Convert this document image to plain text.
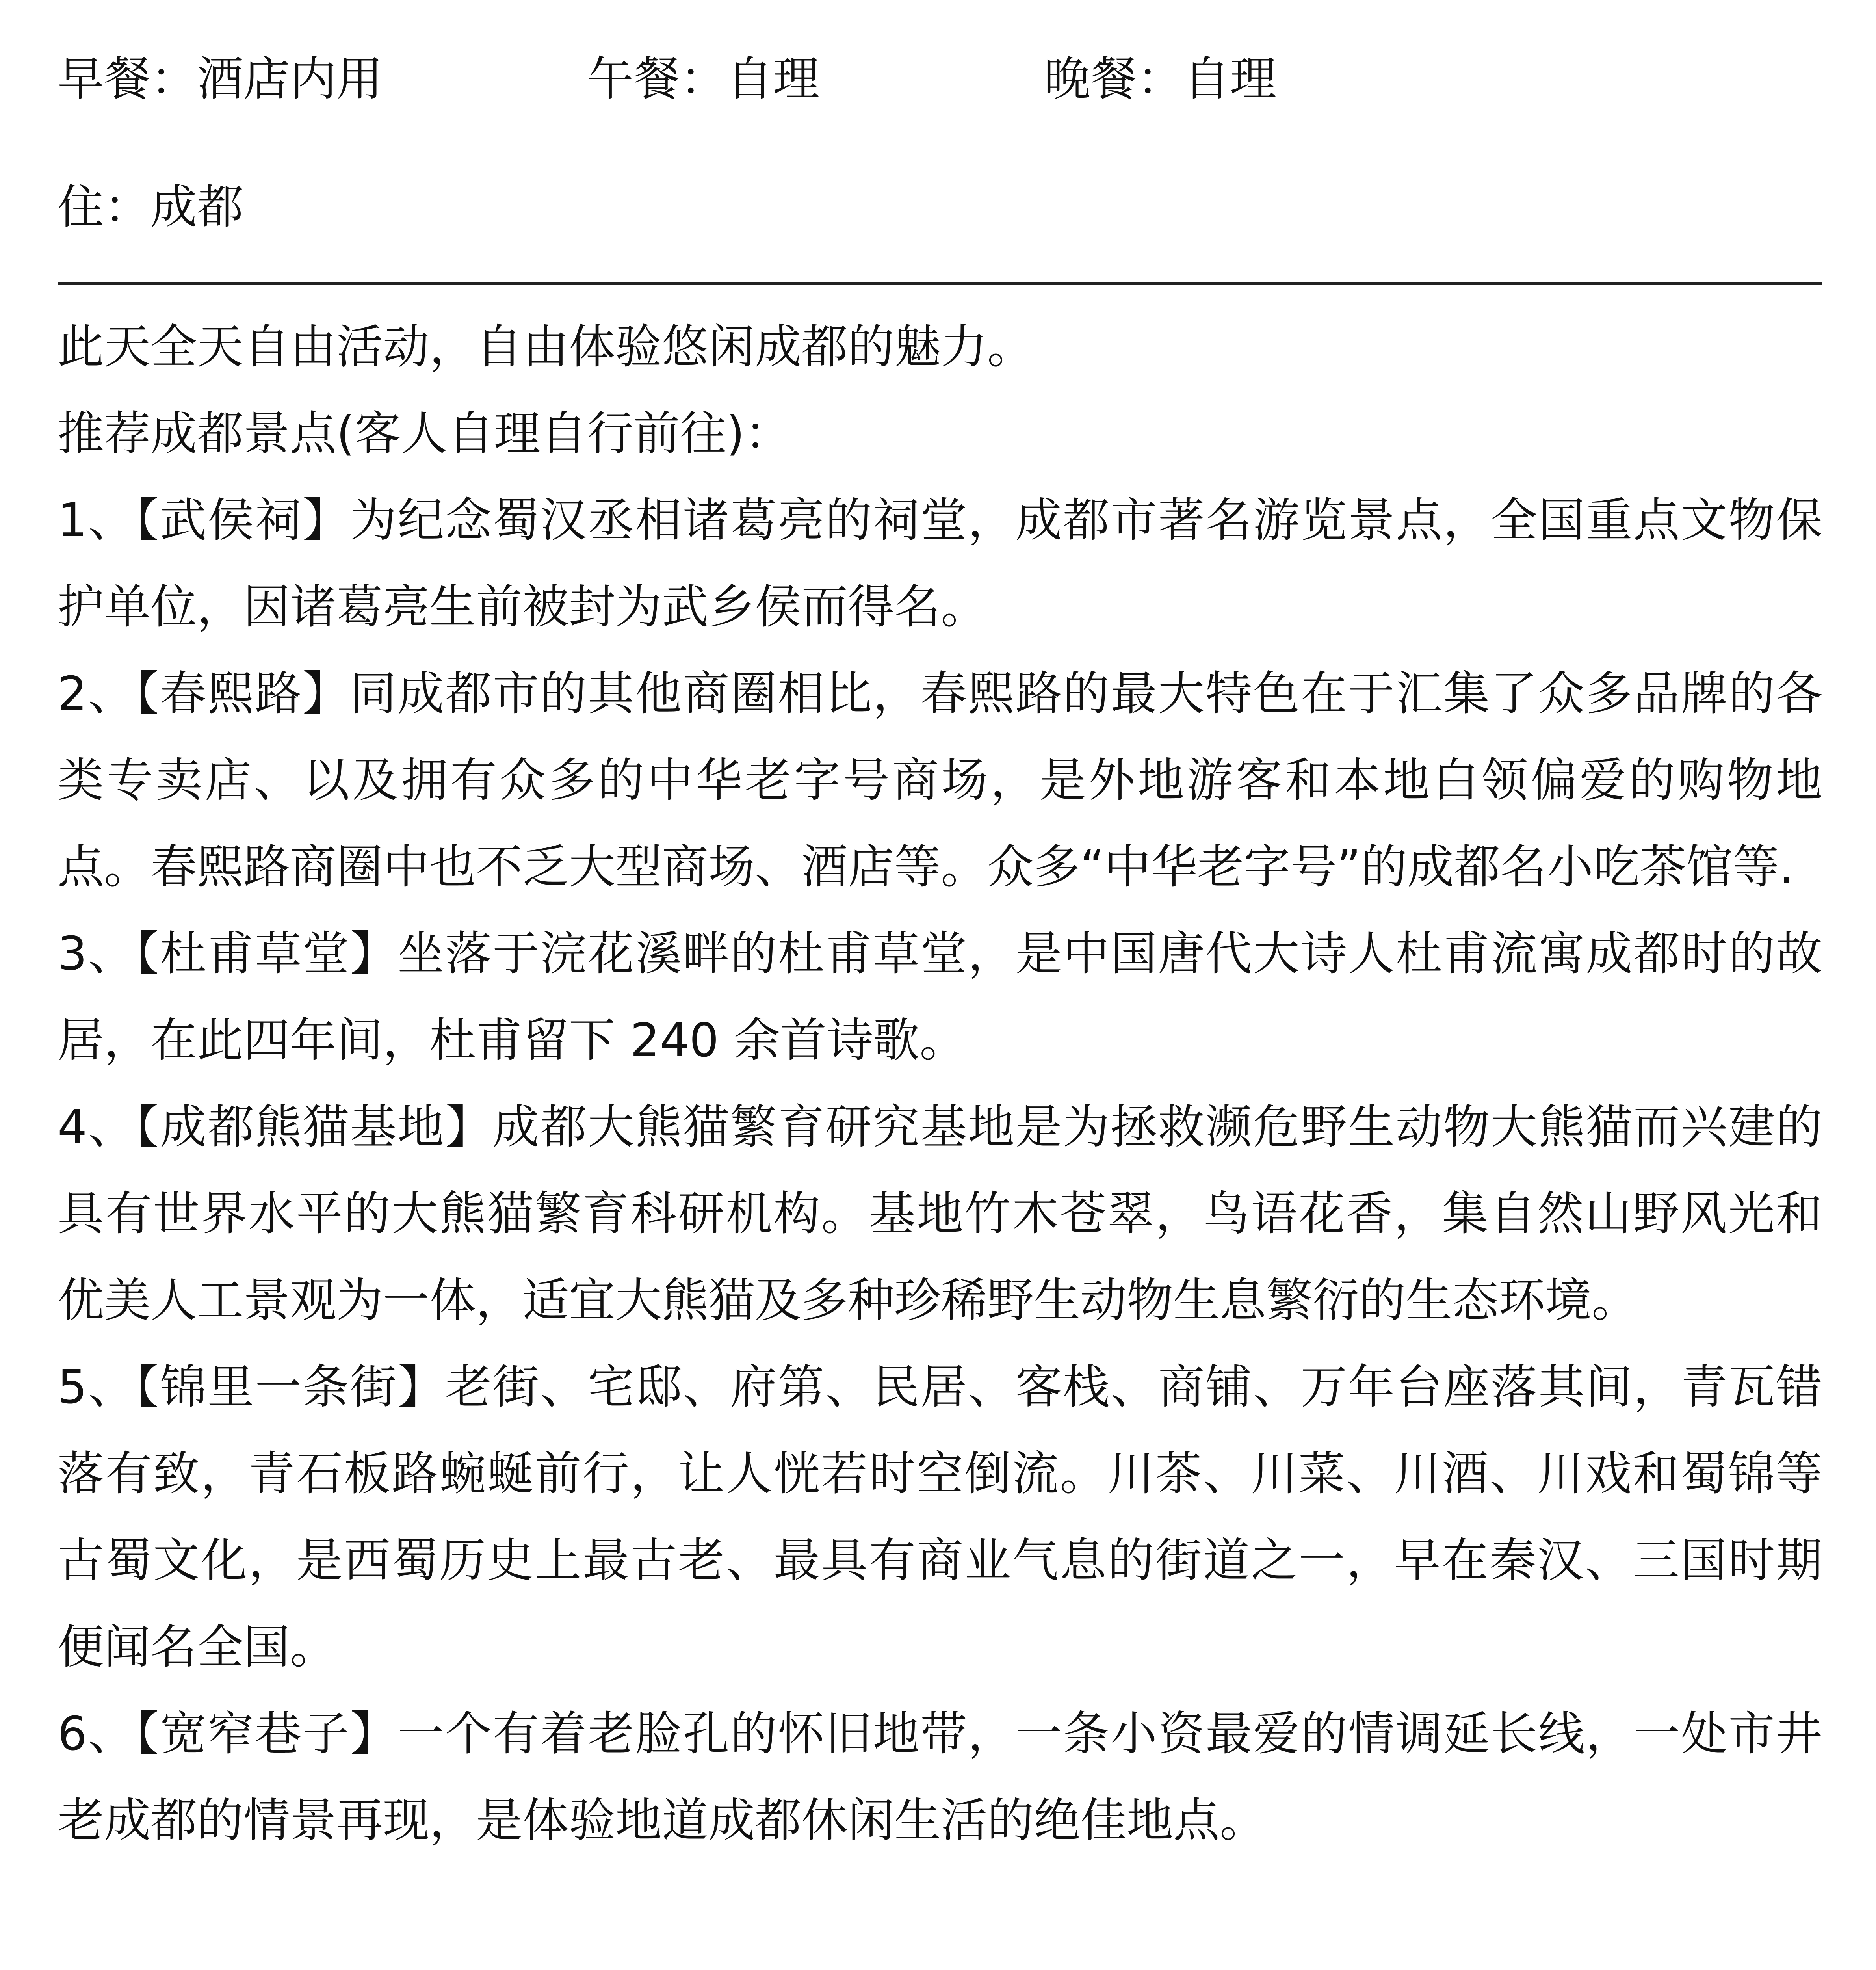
早餐：酒店内用	午餐：自理	晚餐：自理
住：成都

此天全天自由活动，自由体验悠闲成都的魅力。

推荐成都景点(客人自理自行前往)：

1、【武侯祠】为纪念蜀汉丞相诸葛亮的祠堂，成都市著名游览景点，全国重点文物保护单位，因诸葛亮生前被封为武乡侯而得名。

2、【春熙路】同成都市的其他商圈相比，春熙路的最大特色在于汇集了众多品牌的各类专卖店、以及拥有众多的中华老字号商场，是外地游客和本地白领偏爱的购物地点。春熙路商圈中也不乏大型商场、酒店等。众多“中华老字号”的成都名小吃茶馆等.

3、【杜甫草堂】坐落于浣花溪畔的杜甫草堂，是中国唐代大诗人杜甫流寓成都时的故居，在此四年间，杜甫留下 240 余首诗歌。

4、【成都熊猫基地】成都大熊猫繁育研究基地是为拯救濒危野生动物大熊猫而兴建的具有世界水平的大熊猫繁育科研机构。基地竹木苍翠，鸟语花香，集自然山野风光和优美人工景观为一体，适宜大熊猫及多种珍稀野生动物生息繁衍的生态环境。

5、【锦里一条街】老街、宅邸、府第、民居、客栈、商铺、万年台座落其间，青瓦错落有致，青石板路蜿蜒前行，让人恍若时空倒流。川茶、川菜、川酒、川戏和蜀锦等古蜀文化，是西蜀历史上最古老、最具有商业气息的街道之一，早在秦汉、三国时期便闻名全国。

6、【宽窄巷子】一个有着老脸孔的怀旧地带，一条小资最爱的情调延长线，一处市井老成都的情景再现，是体验地道成都休闲生活的绝佳地点。
